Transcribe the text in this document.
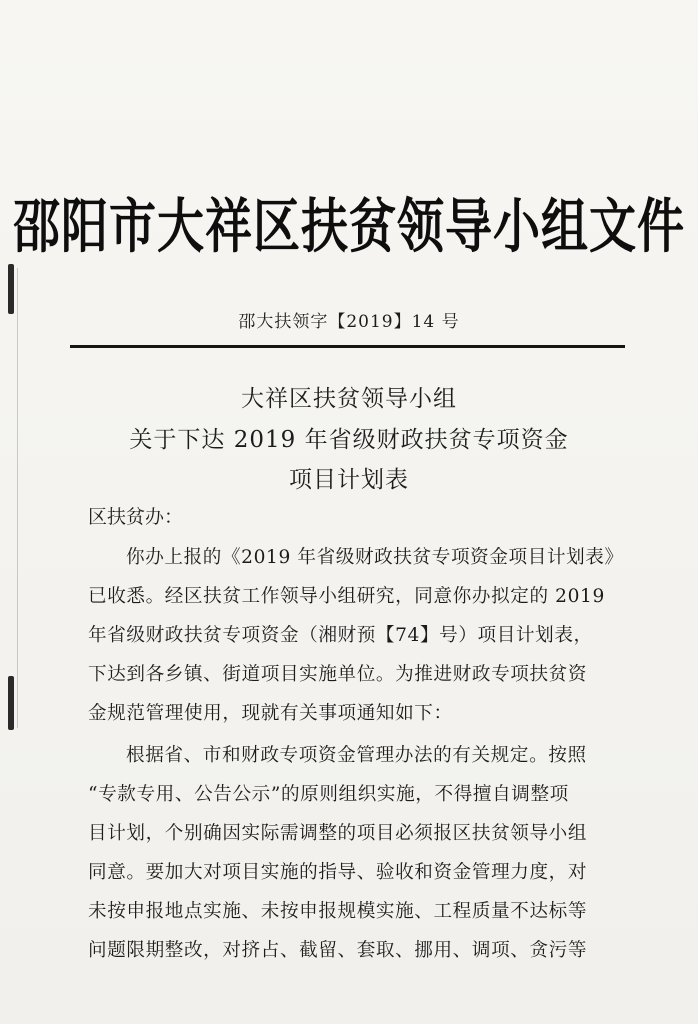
邵阳市大祥区扶贫领导小组文件
邵大扶领字【2019】14 号
大祥区扶贫领导小组
关于下达 2019 年省级财政扶贫专项资金
项目计划表
区扶贫办：
你办上报的《2019 年省级财政扶贫专项资金项目计划表》
已收悉。经区扶贫工作领导小组研究，同意你办拟定的 2019
年省级财政扶贫专项资金（湘财预【74】号）项目计划表，
下达到各乡镇、街道项目实施单位。为推进财政专项扶贫资
金规范管理使用，现就有关事项通知如下：
根据省、市和财政专项资金管理办法的有关规定。按照
“专款专用、公告公示”的原则组织实施，不得擅自调整项
目计划，个别确因实际需调整的项目必须报区扶贫领导小组
同意。要加大对项目实施的指导、验收和资金管理力度，对
未按申报地点实施、未按申报规模实施、工程质量不达标等
问题限期整改，对挤占、截留、套取、挪用、调项、贪污等
